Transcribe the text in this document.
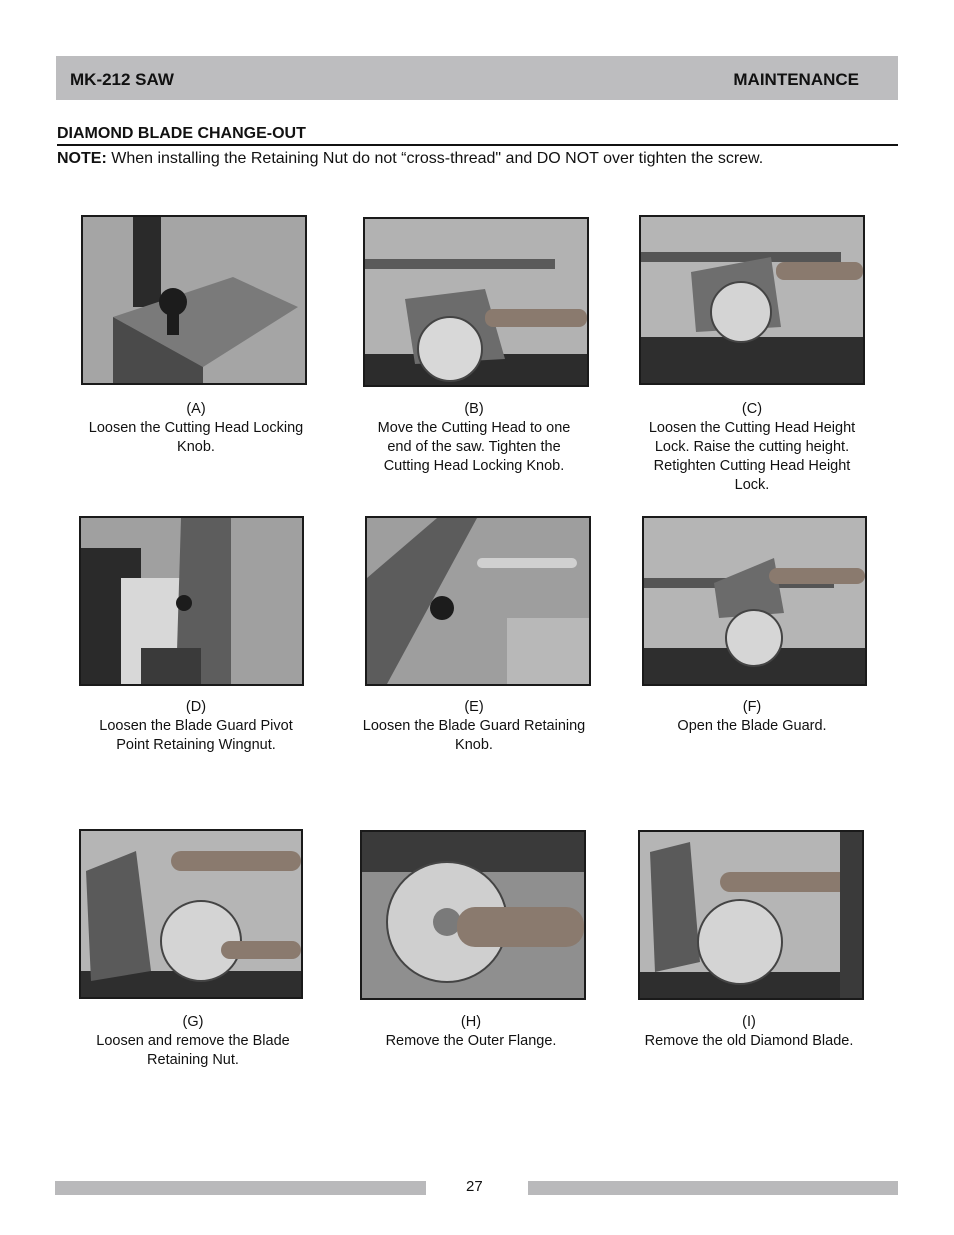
MK-212 SAW	MAINTENANCE
DIAMOND BLADE CHANGE-OUT
NOTE: When installing the Retaining Nut do not “cross-thread" and DO NOT over tighten the screw.
(A)
Loosen the Cutting Head Locking Knob.
(B)
Move the Cutting Head to one end of the saw. Tighten the Cutting Head Locking Knob.
(C)
Loosen the Cutting Head Height Lock. Raise the cutting height. Retighten Cutting Head Height Lock.
(D)
Loosen the Blade Guard Pivot Point Retaining Wingnut.
(E)
Loosen the Blade Guard Retaining Knob.
(F)
Open the Blade Guard.
(G)
Loosen and remove the Blade Retaining Nut.
(H)
Remove the Outer Flange.
(I)
Remove the old Diamond Blade.
27
